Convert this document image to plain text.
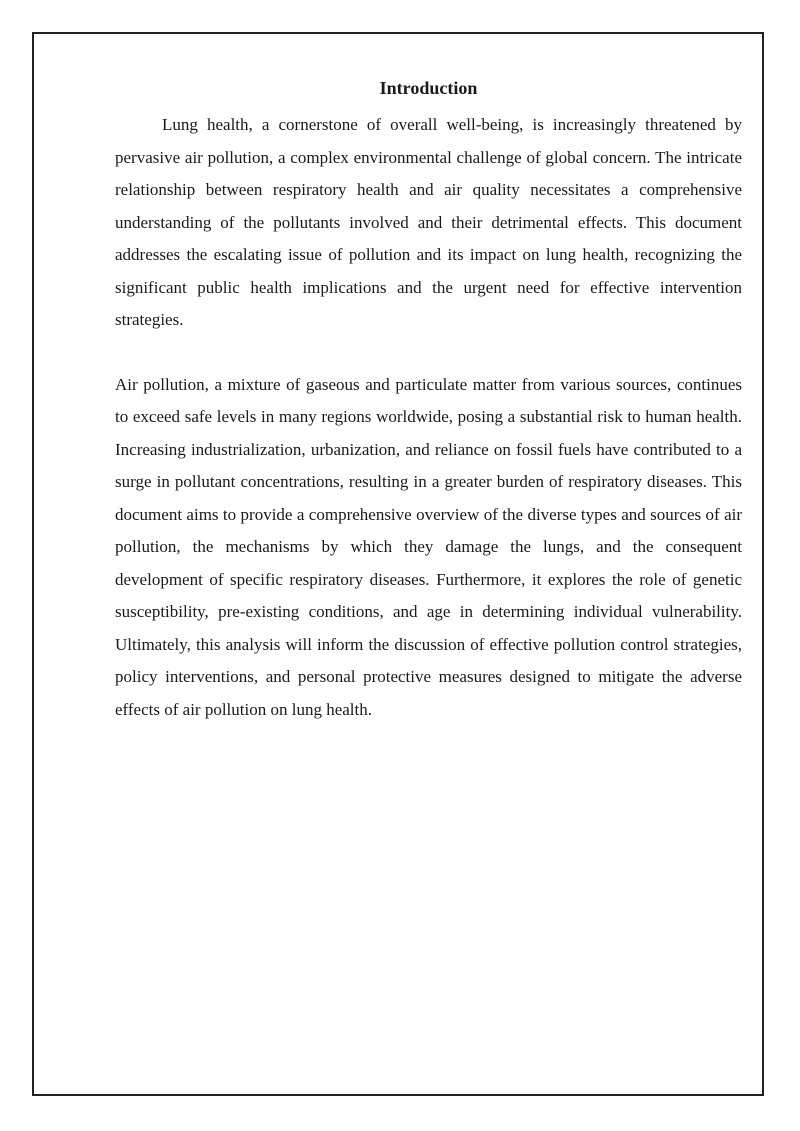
Introduction

Lung health, a cornerstone of overall well-being, is increasingly threatened by pervasive air pollution, a complex environmental challenge of global concern. The intricate relationship between respiratory health and air quality necessitates a comprehensive understanding of the pollutants involved and their detrimental effects. This document addresses the escalating issue of pollution and its impact on lung health, recognizing the significant public health implications and the urgent need for effective intervention strategies.

Air pollution, a mixture of gaseous and particulate matter from various sources, continues to exceed safe levels in many regions worldwide, posing a substantial risk to human health. Increasing industrialization, urbanization, and reliance on fossil fuels have contributed to a surge in pollutant concentrations, resulting in a greater burden of respiratory diseases. This document aims to provide a comprehensive overview of the diverse types and sources of air pollution, the mechanisms by which they damage the lungs, and the consequent development of specific respiratory diseases. Furthermore, it explores the role of genetic susceptibility, pre-existing conditions, and age in determining individual vulnerability. Ultimately, this analysis will inform the discussion of effective pollution control strategies, policy interventions, and personal protective measures designed to mitigate the adverse effects of air pollution on lung health.
